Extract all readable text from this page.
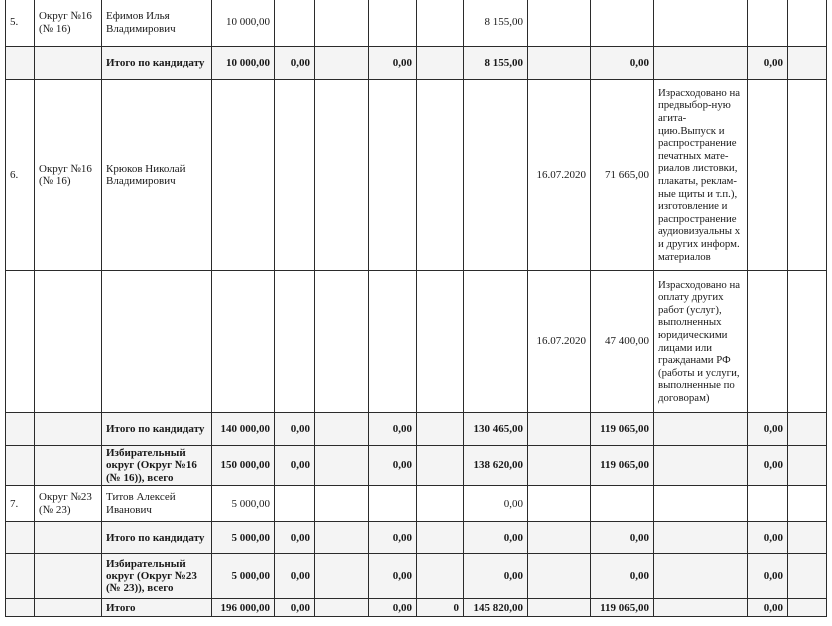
5.	Округ №16 (№ 16)	Ефимов Илья Владимирович	10 000,00					8 155,00					
		Итого по кандидату	10 000,00	0,00		0,00		8 155,00		0,00		0,00	
6.	Округ №16 (№ 16)	Крюков Николай Владимирович							16.07.2020	71 665,00	Израсходовано на предвыбор-ную агита-цию.Выпуск и распространение печатных мате-риалов листовки, плакаты, реклам-ные щиты и т.п.), изготовление и распространение аудиовизуальны х и других информ. материалов		

									16.07.2020	47 400,00	Израсходовано на оплату других работ (услуг), выполненных юридическими лицами или гражданами РФ (работы и услуги, выполненные по договорам)		

		Итого по кандидату	140 000,00	0,00		0,00		130 465,00		119 065,00		0,00	
		Избирательный округ (Округ №16 (№ 16)), всего	150 000,00	0,00		0,00		138 620,00		119 065,00		0,00	
7.	Округ №23 (№ 23)	Титов Алексей Иванович	5 000,00					0,00					
		Итого по кандидату	5 000,00	0,00		0,00		0,00		0,00		0,00	
		Избирательный округ (Округ №23 (№ 23)), всего	5 000,00	0,00		0,00		0,00		0,00		0,00	
		Итого	196 000,00	0,00		0,00	0	145 820,00		119 065,00		0,00	
